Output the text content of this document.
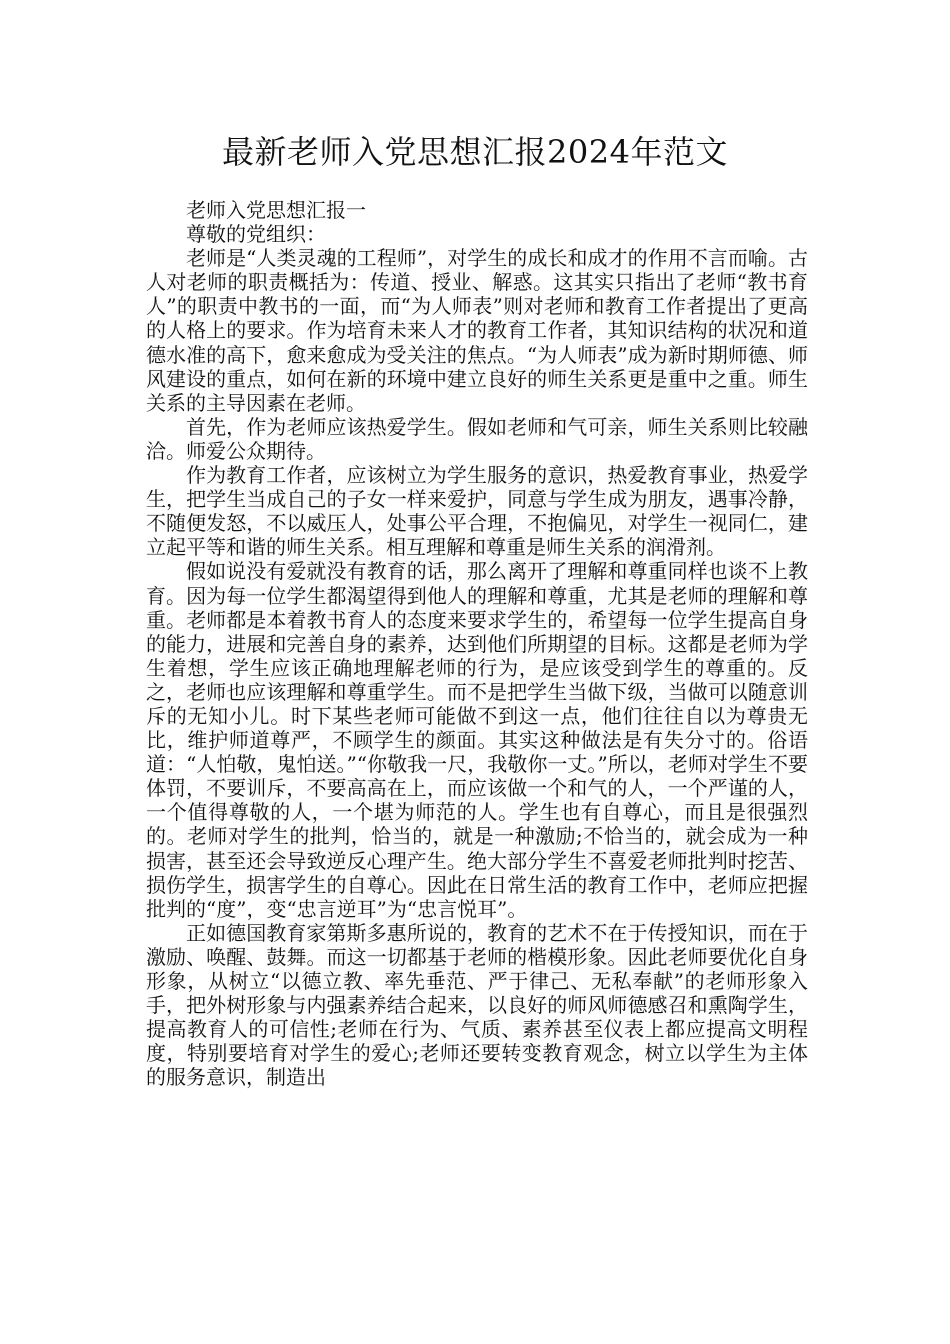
最新老师入党思想汇报2024年范文

老师入党思想汇报一

尊敬的党组织：

老师是“人类灵魂的工程师”，对学生的成长和成才的作用不言而喻。古人对老师的职责概括为：传道、授业、解惑。这其实只指出了老师“教书育人”的职责中教书的一面，而“为人师表”则对老师和教育工作者提出了更高的人格上的要求。作为培育未来人才的教育工作者，其知识结构的状况和道德水准的高下，愈来愈成为受关注的焦点。“为人师表”成为新时期师德、师风建设的重点，如何在新的环境中建立良好的师生关系更是重中之重。师生关系的主导因素在老师。

首先，作为老师应该热爱学生。假如老师和气可亲，师生关系则比较融洽。师爱公众期待。

作为教育工作者，应该树立为学生服务的意识，热爱教育事业，热爱学生，把学生当成自己的子女一样来爱护，同意与学生成为朋友，遇事冷静，不随便发怒，不以威压人，处事公平合理，不抱偏见，对学生一视同仁，建立起平等和谐的师生关系。相互理解和尊重是师生关系的润滑剂。

假如说没有爱就没有教育的话，那么离开了理解和尊重同样也谈不上教育。因为每一位学生都渴望得到他人的理解和尊重，尤其是老师的理解和尊重。老师都是本着教书育人的态度来要求学生的，希望每一位学生提高自身的能力，进展和完善自身的素养，达到他们所期望的目标。这都是老师为学生着想，学生应该正确地理解老师的行为，是应该受到学生的尊重的。反之，老师也应该理解和尊重学生。而不是把学生当做下级，当做可以随意训斥的无知小儿。时下某些老师可能做不到这一点，他们往往自以为尊贵无比，维护师道尊严，不顾学生的颜面。其实这种做法是有失分寸的。俗语道：“人怕敬，鬼怕送。”“你敬我一尺，我敬你一丈。”所以，老师对学生不要体罚，不要训斥，不要高高在上，而应该做一个和气的人，一个严谨的人，一个值得尊敬的人，一个堪为师范的人。学生也有自尊心，而且是很强烈的。老师对学生的批判，恰当的，就是一种激励;不恰当的，就会成为一种损害，甚至还会导致逆反心理产生。绝大部分学生不喜爱老师批判时挖苦、损伤学生，损害学生的自尊心。因此在日常生活的教育工作中，老师应把握批判的“度”，变“忠言逆耳”为“忠言悦耳”。

正如德国教育家第斯多惠所说的，教育的艺术不在于传授知识，而在于激励、唤醒、鼓舞。而这一切都基于老师的楷模形象。因此老师要优化自身形象，从树立“以德立教、率先垂范、严于律己、无私奉献”的老师形象入手，把外树形象与内强素养结合起来，以良好的师风师德感召和熏陶学生，提高教育人的可信性;老师在行为、气质、素养甚至仪表上都应提高文明程度，特别要培育对学生的爱心;老师还要转变教育观念，树立以学生为主体的服务意识，制造出
